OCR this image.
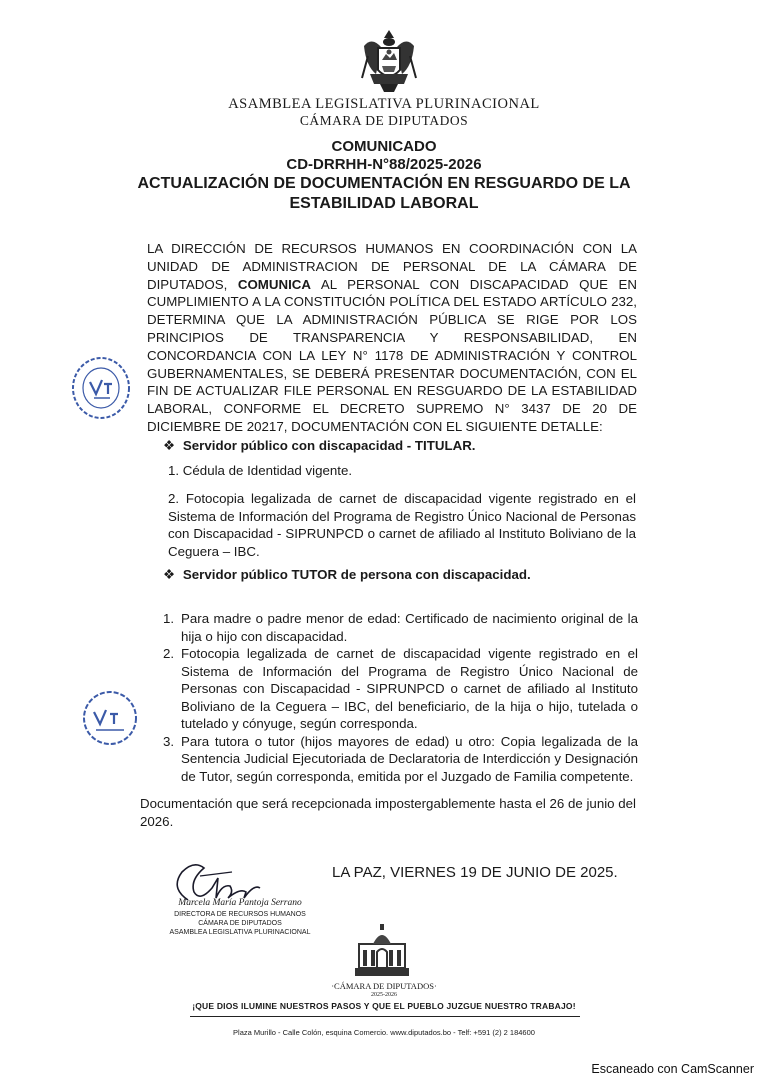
ASAMBLEA LEGISLATIVA PLURINACIONAL
CÁMARA DE DIPUTADOS
COMUNICADO
CD-DRRHH-N°88/2025-2026
ACTUALIZACIÓN DE DOCUMENTACIÓN EN RESGUARDO DE LA
ESTABILIDAD LABORAL
LA DIRECCIÓN DE RECURSOS HUMANOS EN COORDINACIÓN CON LA UNIDAD DE ADMINISTRACION DE PERSONAL DE LA CÁMARA DE DIPUTADOS, COMUNICA AL PERSONAL CON DISCAPACIDAD QUE EN CUMPLIMIENTO A LA CONSTITUCIÓN POLÍTICA DEL ESTADO ARTÍCULO 232, DETERMINA QUE LA ADMINISTRACIÓN PÚBLICA SE RIGE POR LOS PRINCIPIOS DE TRANSPARENCIA Y RESPONSABILIDAD, EN CONCORDANCIA CON LA LEY N° 1178 DE ADMINISTRACIÓN Y CONTROL GUBERNAMENTALES, SE DEBERÁ PRESENTAR DOCUMENTACIÓN, CON EL FIN DE ACTUALIZAR FILE PERSONAL EN RESGUARDO DE LA ESTABILIDAD LABORAL, CONFORME EL DECRETO SUPREMO N° 3437 DE 20 DE DICIEMBRE DE 20217, DOCUMENTACIÓN CON EL SIGUIENTE DETALLE:
❖ Servidor público con discapacidad - TITULAR.
1. Cédula de Identidad vigente.
2. Fotocopia legalizada de carnet de discapacidad vigente registrado en el Sistema de Información del Programa de Registro Único Nacional de Personas con Discapacidad - SIPRUNPCD o carnet de afiliado al Instituto Boliviano de la Ceguera – IBC.
❖ Servidor público TUTOR de persona con discapacidad.
1. Para madre o padre menor de edad: Certificado de nacimiento original de la hija o hijo con discapacidad.
2. Fotocopia legalizada de carnet de discapacidad vigente registrado en el Sistema de Información del Programa de Registro Único Nacional de Personas con Discapacidad - SIPRUNPCD o carnet de afiliado al Instituto Boliviano de la Ceguera – IBC, del beneficiario, de la hija o hijo, tutelada o tutelado y cónyuge, según corresponda.
3. Para tutora o tutor (hijos mayores de edad) u otro: Copia legalizada de la Sentencia Judicial Ejecutoriada de Declaratoria de Interdicción y Designación de Tutor, según corresponda, emitida por el Juzgado de Familia competente.
Documentación que será recepcionada impostergablemente hasta el 26 de junio del 2026.
LA PAZ, VIERNES 19 DE JUNIO DE 2025.
Marcela María Pantoja Serrano
DIRECTORA DE RECURSOS HUMANOS
CÁMARA DE DIPUTADOS
ASAMBLEA LEGISLATIVA PLURINACIONAL
·CÁMARA DE DIPUTADOS·
2025-2026
¡QUE DIOS ILUMINE NUESTROS PASOS Y QUE EL PUEBLO JUZGUE NUESTRO TRABAJO!
Plaza Murillo - Calle Colón, esquina Comercio. www.diputados.bo - Telf: +591 (2) 2 184600
Escaneado con CamScanner
